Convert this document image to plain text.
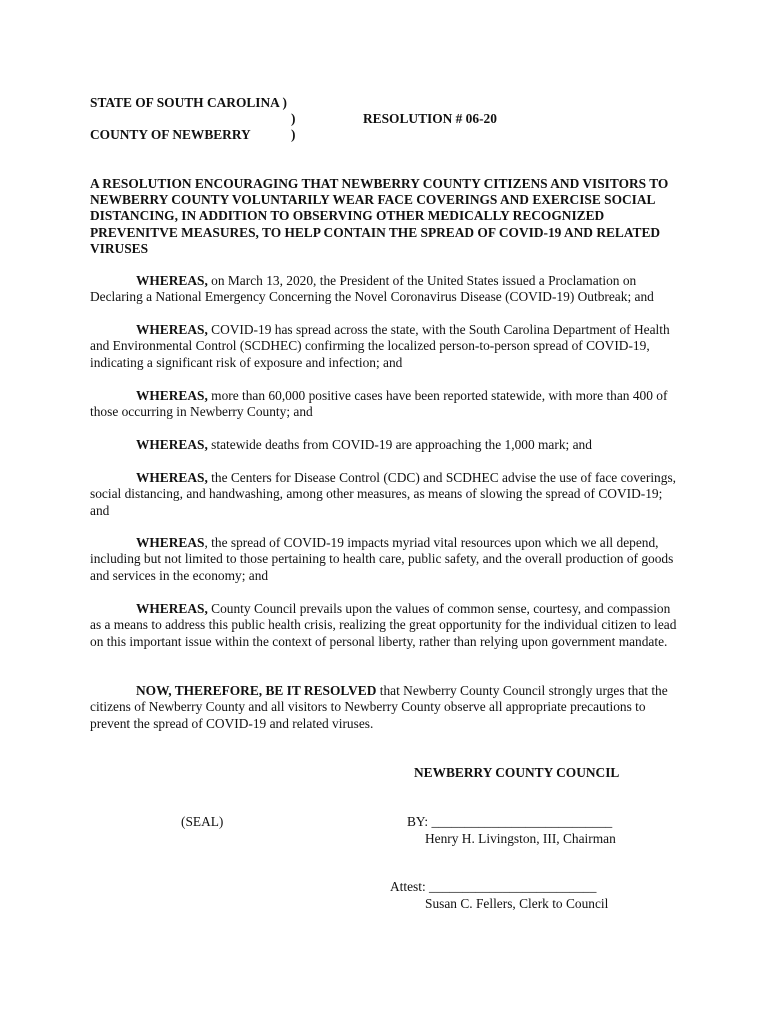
STATE OF SOUTH CAROLINA )
)
COUNTY OF NEWBERRY	)
RESOLUTION # 06-20
A RESOLUTION ENCOURAGING THAT NEWBERRY COUNTY CITIZENS AND VISITORS TO NEWBERRY COUNTY VOLUNTARILY WEAR FACE COVERINGS AND EXERCISE SOCIAL DISTANCING, IN ADDITION TO OBSERVING OTHER MEDICALLY RECOGNIZED PREVENITVE MEASURES, TO HELP CONTAIN THE SPREAD OF COVID-19 AND RELATED VIRUSES
WHEREAS, on March 13, 2020, the President of the United States issued a Proclamation on Declaring a National Emergency Concerning the Novel Coronavirus Disease (COVID-19) Outbreak; and
WHEREAS, COVID-19 has spread across the state, with the South Carolina Department of Health and Environmental Control (SCDHEC) confirming the localized person-to-person spread of COVID-19, indicating a significant risk of exposure and infection; and
WHEREAS, more than 60,000 positive cases have been reported statewide, with more than 400 of those occurring in Newberry County; and
WHEREAS, statewide deaths from COVID-19 are approaching the 1,000 mark; and
WHEREAS, the Centers for Disease Control (CDC) and SCDHEC advise the use of face coverings, social distancing, and handwashing, among other measures, as means of slowing the spread of COVID-19; and
WHEREAS, the spread of COVID-19 impacts myriad vital resources upon which we all depend, including but not limited to those pertaining to health care, public safety, and the overall production of goods and services in the economy; and
WHEREAS, County Council prevails upon the values of common sense, courtesy, and compassion as a means to address this public health crisis, realizing the great opportunity for the individual citizen to lead on this important issue within the context of personal liberty, rather than relying upon government mandate.
NOW, THEREFORE, BE IT RESOLVED that Newberry County Council strongly urges that the citizens of Newberry County and all visitors to Newberry County observe all appropriate precautions to prevent the spread of COVID-19 and related viruses.
NEWBERRY COUNTY COUNCIL
(SEAL)	BY: ___________________________
Henry H. Livingston, III, Chairman
Attest: _________________________
Susan C. Fellers, Clerk to Council
